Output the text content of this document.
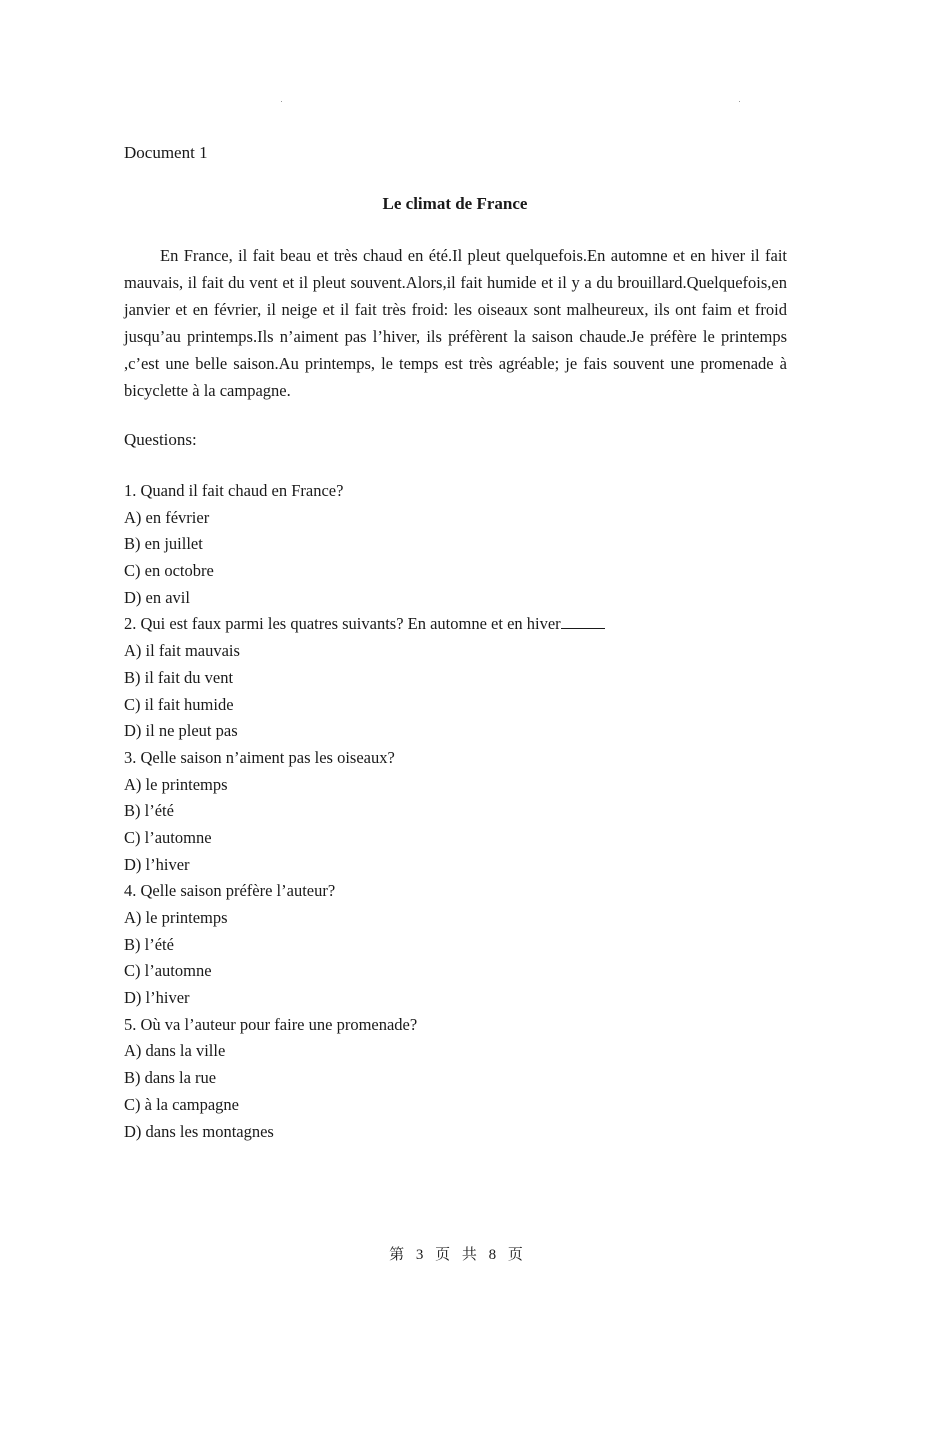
Document 1
Le climat de France

En France, il fait beau et très chaud en été.Il pleut quelquefois.En automne et en hiver il fait mauvais, il fait du vent et il pleut souvent.Alors,il fait humide et il y a du brouillard.Quelquefois,en janvier et en février, il neige et il fait très froid: les oiseaux sont malheureux, ils ont faim et froid jusqu’au printemps.Ils n’aiment pas l’hiver, ils préfèrent la saison chaude.Je préfère le printemps ,c’est une belle saison.Au printemps, le temps est très agréable; je fais souvent une promenade à bicyclette à la campagne.

Questions:
1. Quand il fait chaud en France?
A) en février
B) en juillet
C) en octobre
D) en avil
2. Qui est faux parmi les quatres suivants? En automne et en hiver
A) il fait mauvais
B) il fait du vent
C) il fait humide
D) il ne pleut pas
3. Qelle saison n’aiment pas les oiseaux?
A) le printemps
B) l’été
C) l’automne
D) l’hiver
4. Qelle saison préfère l’auteur?
A) le printemps
B) l’été
C) l’automne
D) l’hiver
5. Où va l’auteur pour faire une promenade?
A) dans la ville
B) dans la rue
C) à la campagne
D) dans les montagnes
第 3 页 共 8 页
